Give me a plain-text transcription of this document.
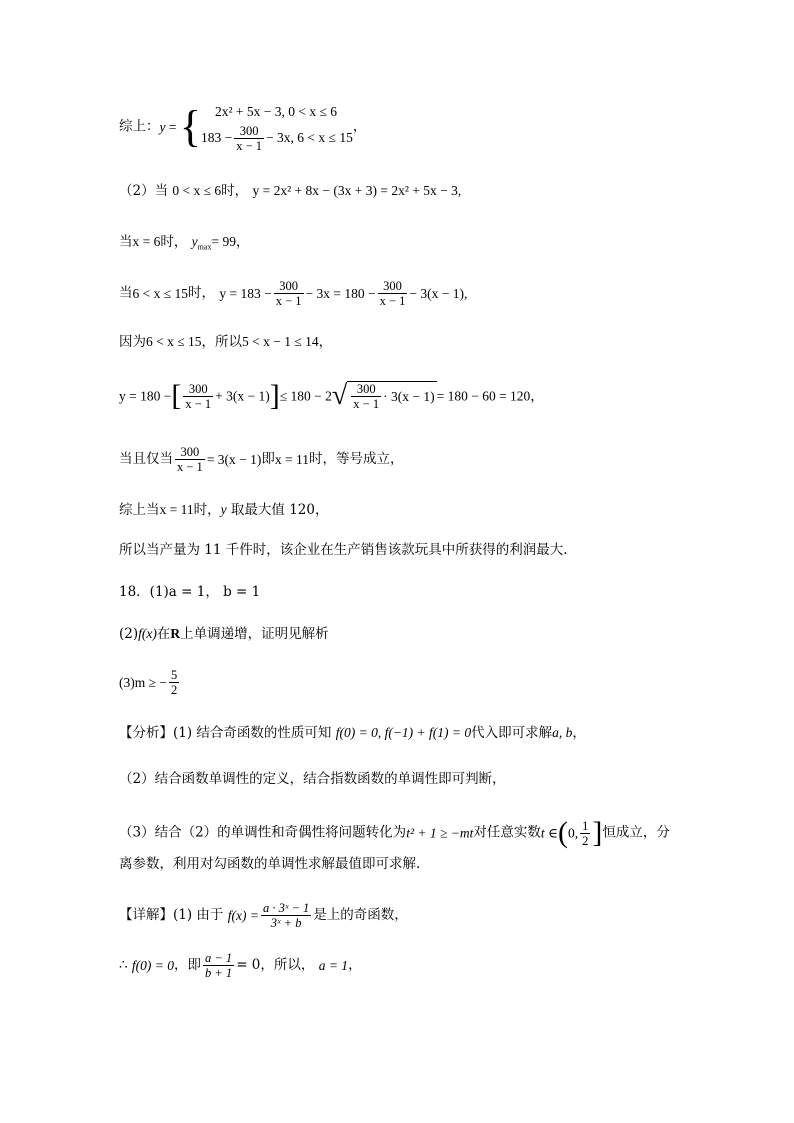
综上：y = {	2x² + 5x − 3, 0 < x ≤ 6
$183 - \frac{300}{x - 1} - 3x$, 6 < x ≤ 15
，
（2）当 0 < x ≤ 6时， y = 2x² + 8x − (3x + 3) = 2x² + 5x − 3,
当x = 6时， $y_{max}= 99$，
当6 < x ≤ 15时， $y = 183 - \frac{300}{x - 1} - 3x = 180 - \frac{300}{x - 1} - 3(x - 1)$,
因为6 < x ≤ 15，所以5 < x − 1 ≤ 14，
y = 180 −[ $\frac{300}{x - 1} + 3(x - 1)]\le 180 - 2√ \frac{300}{x - 1} \cdot 3(x - 1) = 180 - 60 = 120$，
当且仅当 $\frac{300}{x - 1} = 3(x - 1)$即x = 11时，等号成立，
综上当x = 11时，y 取最大值 120，
所以当产量为 11 千件时，该企业在生产销售该款玩具中所获得的利润最大.
18．(1)a = 1， b = 1
(2)f(x)在R上单调递增，证明见解析
(3)m ≥ − $\frac{5}{2}$
【分析】(1) 结合奇函数的性质可知 f(0) = 0, f(−1) + f(1) = 0代入即可求解a, b，
（2）结合函数单调性的定义，结合指数函数的单调性即可判断，
（3）结合（2）的单调性和奇偶性将问题转化为t² + 1 ≥ −mt对任意实数t ∈(0, $\frac{1}{2}$ ]恒成立，分
离参数，利用对勾函数的单调性求解最值即可求解.
【详解】(1) 由于 $f(x) = \frac{\text{a · 3ˣ − 1}}{\text{3ˣ + b}}$ 是上的奇函数，
∴ f(0) = 0，即 $\frac{a - 1}{b + 1} = 0$，所以， a = 1，
